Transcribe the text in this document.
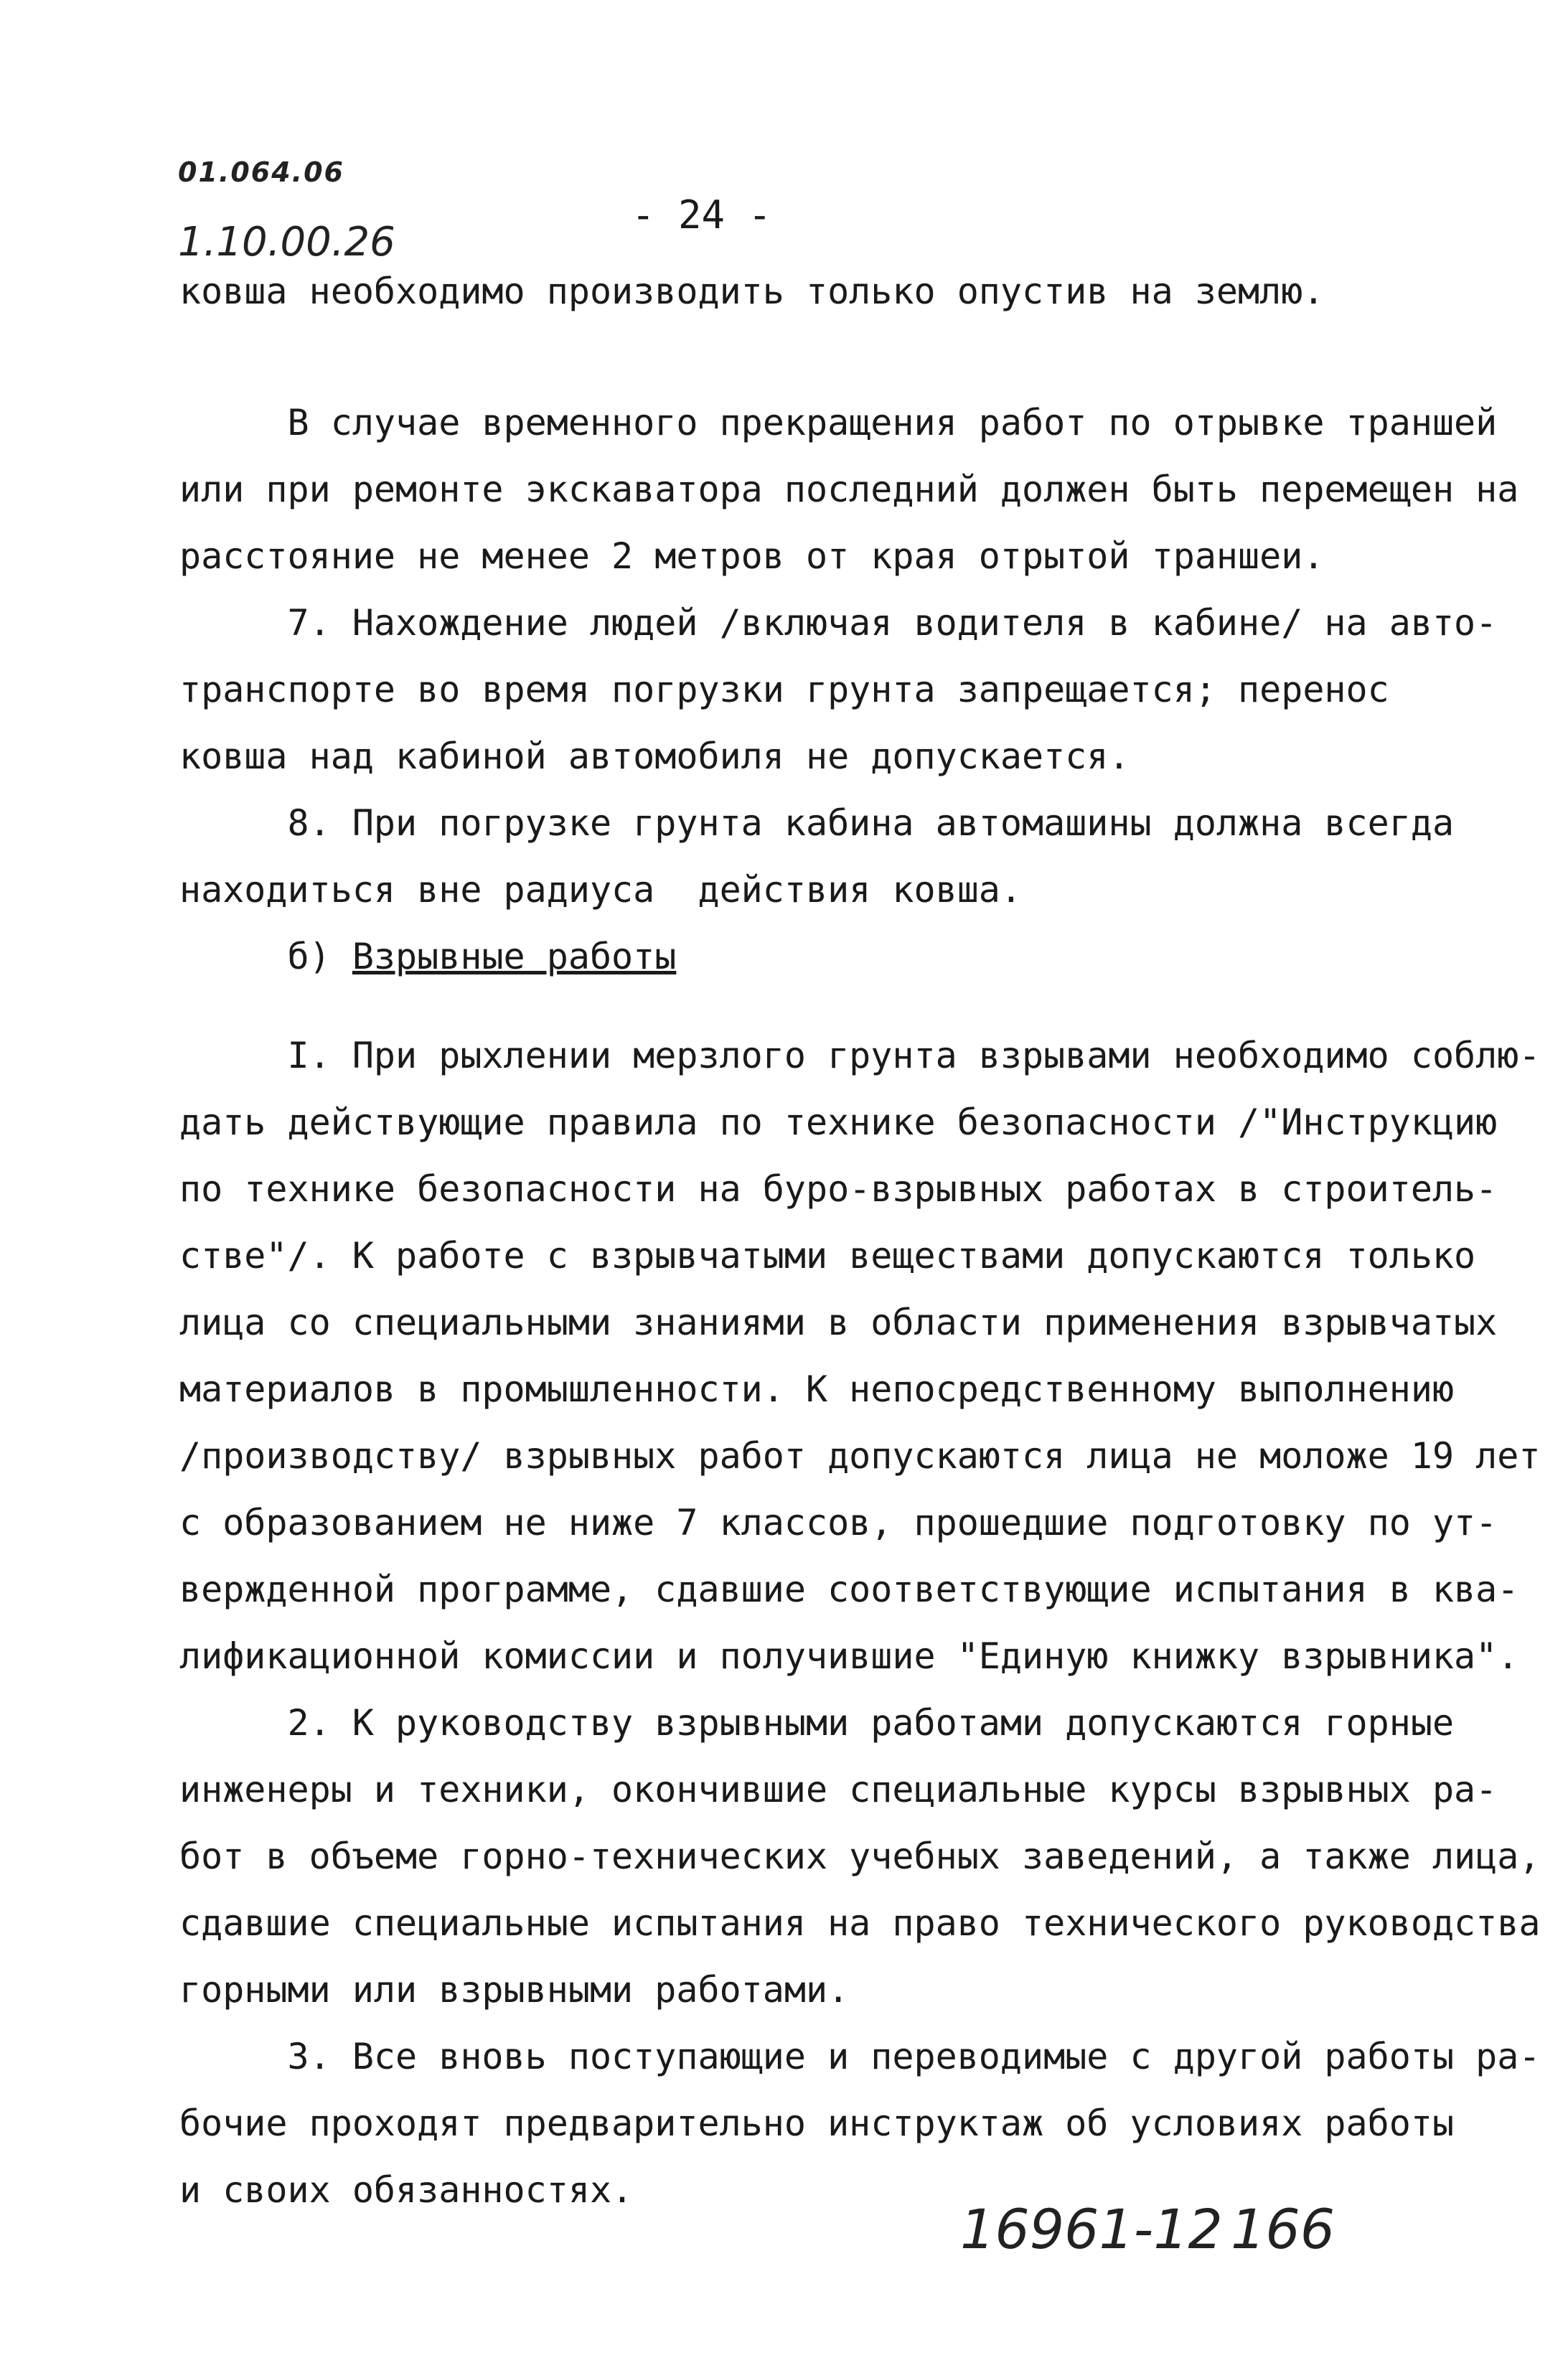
01.064.06
1.10.00.26
- 24 -

ковша необходимо производить только опустив на землю.

В случае временного прекращения работ по отрывке траншей

или при ремонте экскаватора последний должен быть перемещен на

расстояние не менее 2 метров от края отрытой траншеи.

7. Нахождение людей /включая водителя в кабине/ на авто-

транспорте во время погрузки грунта запрещается; перенос

ковша над кабиной автомобиля не допускается.

8. При погрузке грунта кабина автомашины должна всегда

находиться вне радиуса  действия ковша.

б) Взрывные работы

I. При рыхлении мерзлого грунта взрывами необходимо соблю-

дать действующие правила по технике безопасности /"Инструкцию

по технике безопасности на буро-взрывных работах в строитель-

стве"/. К работе с взрывчатыми веществами допускаются только

лица со специальными знаниями в области применения взрывчатых

материалов в промышленности. К непосредственному выполнению

/производству/ взрывных работ допускаются лица не моложе 19 лет

с образованием не ниже 7 классов, прошедшие подготовку по ут-

вержденной программе, сдавшие соответствующие испытания в ква-

лификационной комиссии и получившие "Единую книжку взрывника".

2. К руководству взрывными работами допускаются горные

инженеры и техники, окончившие специальные курсы взрывных ра-

бот в объеме горно-технических учебных заведений, а также лица,

сдавшие специальные испытания на право технического руководства

горными или взрывными работами.

3. Все вновь поступающие и переводимые с другой работы ра-

бочие проходят предварительно инструктаж об условиях работы

и своих обязанностях.

16961-12 166
